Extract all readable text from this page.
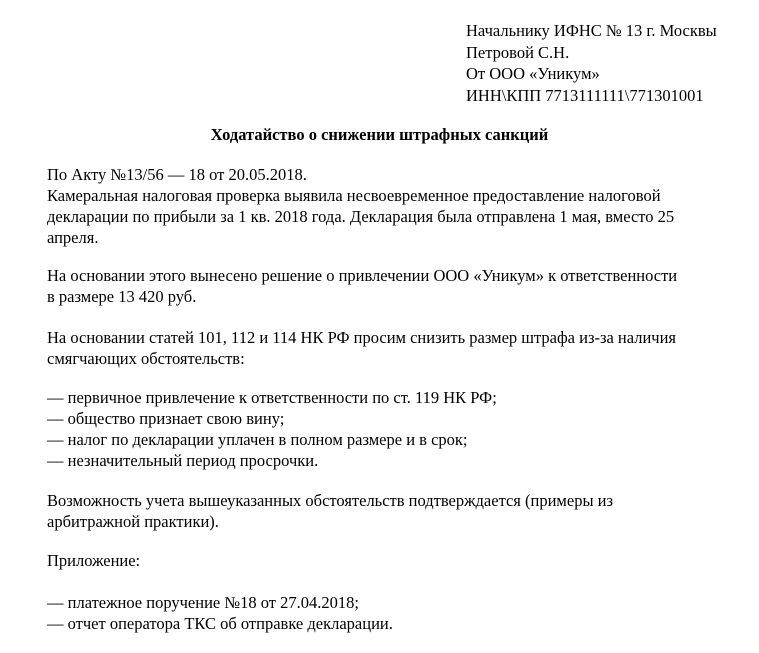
Начальнику ИФНС № 13 г. Москвы
Петровой С.Н.
От ООО «Уникум»
ИНН\КПП 7713111111\771301001
Ходатайство о снижении штрафных санкций
По Акту №13/56 — 18 от 20.05.2018.
Камеральная налоговая проверка выявила несвоевременное предоставление налоговой
декларации по прибыли за 1 кв. 2018 года. Декларация была отправлена 1 мая, вместо 25
апреля.
На основании этого вынесено решение о привлечении ООО «Уникум» к ответственности
в размере 13 420 руб.
На основании статей 101, 112 и 114 НК РФ просим снизить размер штрафа из-за наличия
смягчающих обстоятельств:
— первичное привлечение к ответственности по ст. 119 НК РФ;
— общество признает свою вину;
— налог по декларации уплачен в полном размере и в срок;
— незначительный период просрочки.
Возможность учета вышеуказанных обстоятельств подтверждается (примеры из
арбитражной практики).
Приложение:
— платежное поручение №18 от 27.04.2018;
— отчет оператора ТКС об отправке декларации.
